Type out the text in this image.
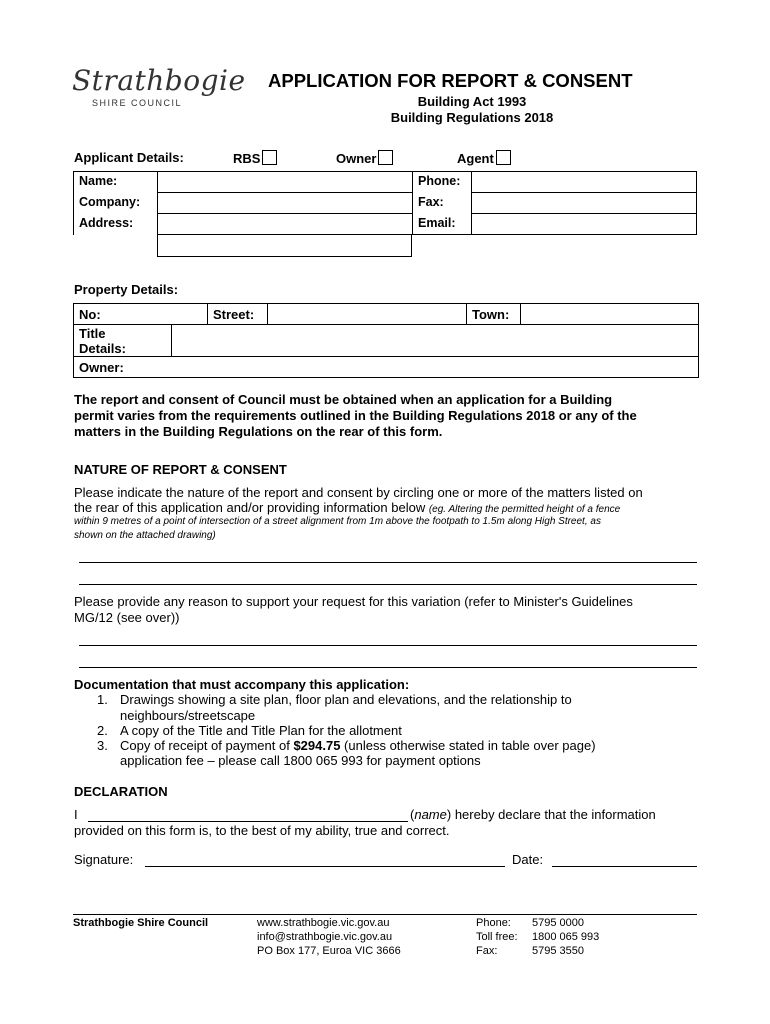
Strathbogie
SHIRE COUNCIL
APPLICATION FOR REPORT & CONSENT
Building Act 1993
Building Regulations 2018
Applicant Details:	RBS	Owner	Agent
Name:		Phone:	
Company:		Fax:	
Address:		Email:	
Property Details:
No:	Street:	Town:
Title
Details:
Owner:
The report and consent of Council must be obtained when an application for a Building
permit varies from the requirements outlined in the Building Regulations 2018 or any of the
matters in the Building Regulations on the rear of this form.
NATURE OF REPORT & CONSENT
Please indicate the nature of the report and consent by circling one or more of the matters listed on
the rear of this application and/or providing information below (eg. Altering the permitted height of a fence
within 9 metres of a point of intersection of a street alignment from 1m above the footpath to 1.5m along High Street, as
shown on the attached drawing)
Please provide any reason to support your request for this variation (refer to Minister's Guidelines
MG/12 (see over))
Documentation that must accompany this application:
1. Drawings showing a site plan, floor plan and elevations, and the relationship to
neighbours/streetscape
2. A copy of the Title and Title Plan for the allotment
3. Copy of receipt of payment of $294.75 (unless otherwise stated in table over page)
application fee – please call 1800 065 993 for payment options
DECLARATION
I	(name) hereby declare that the information
provided on this form is, to the best of my ability, true and correct.
Signature:	Date:
Strathbogie Shire Council	www.strathbogie.vic.gov.au
info@strathbogie.vic.gov.au
PO Box 177, Euroa VIC 3666
Phone: 5795 0000
Toll free: 1800 065 993
Fax:	5795 3550
